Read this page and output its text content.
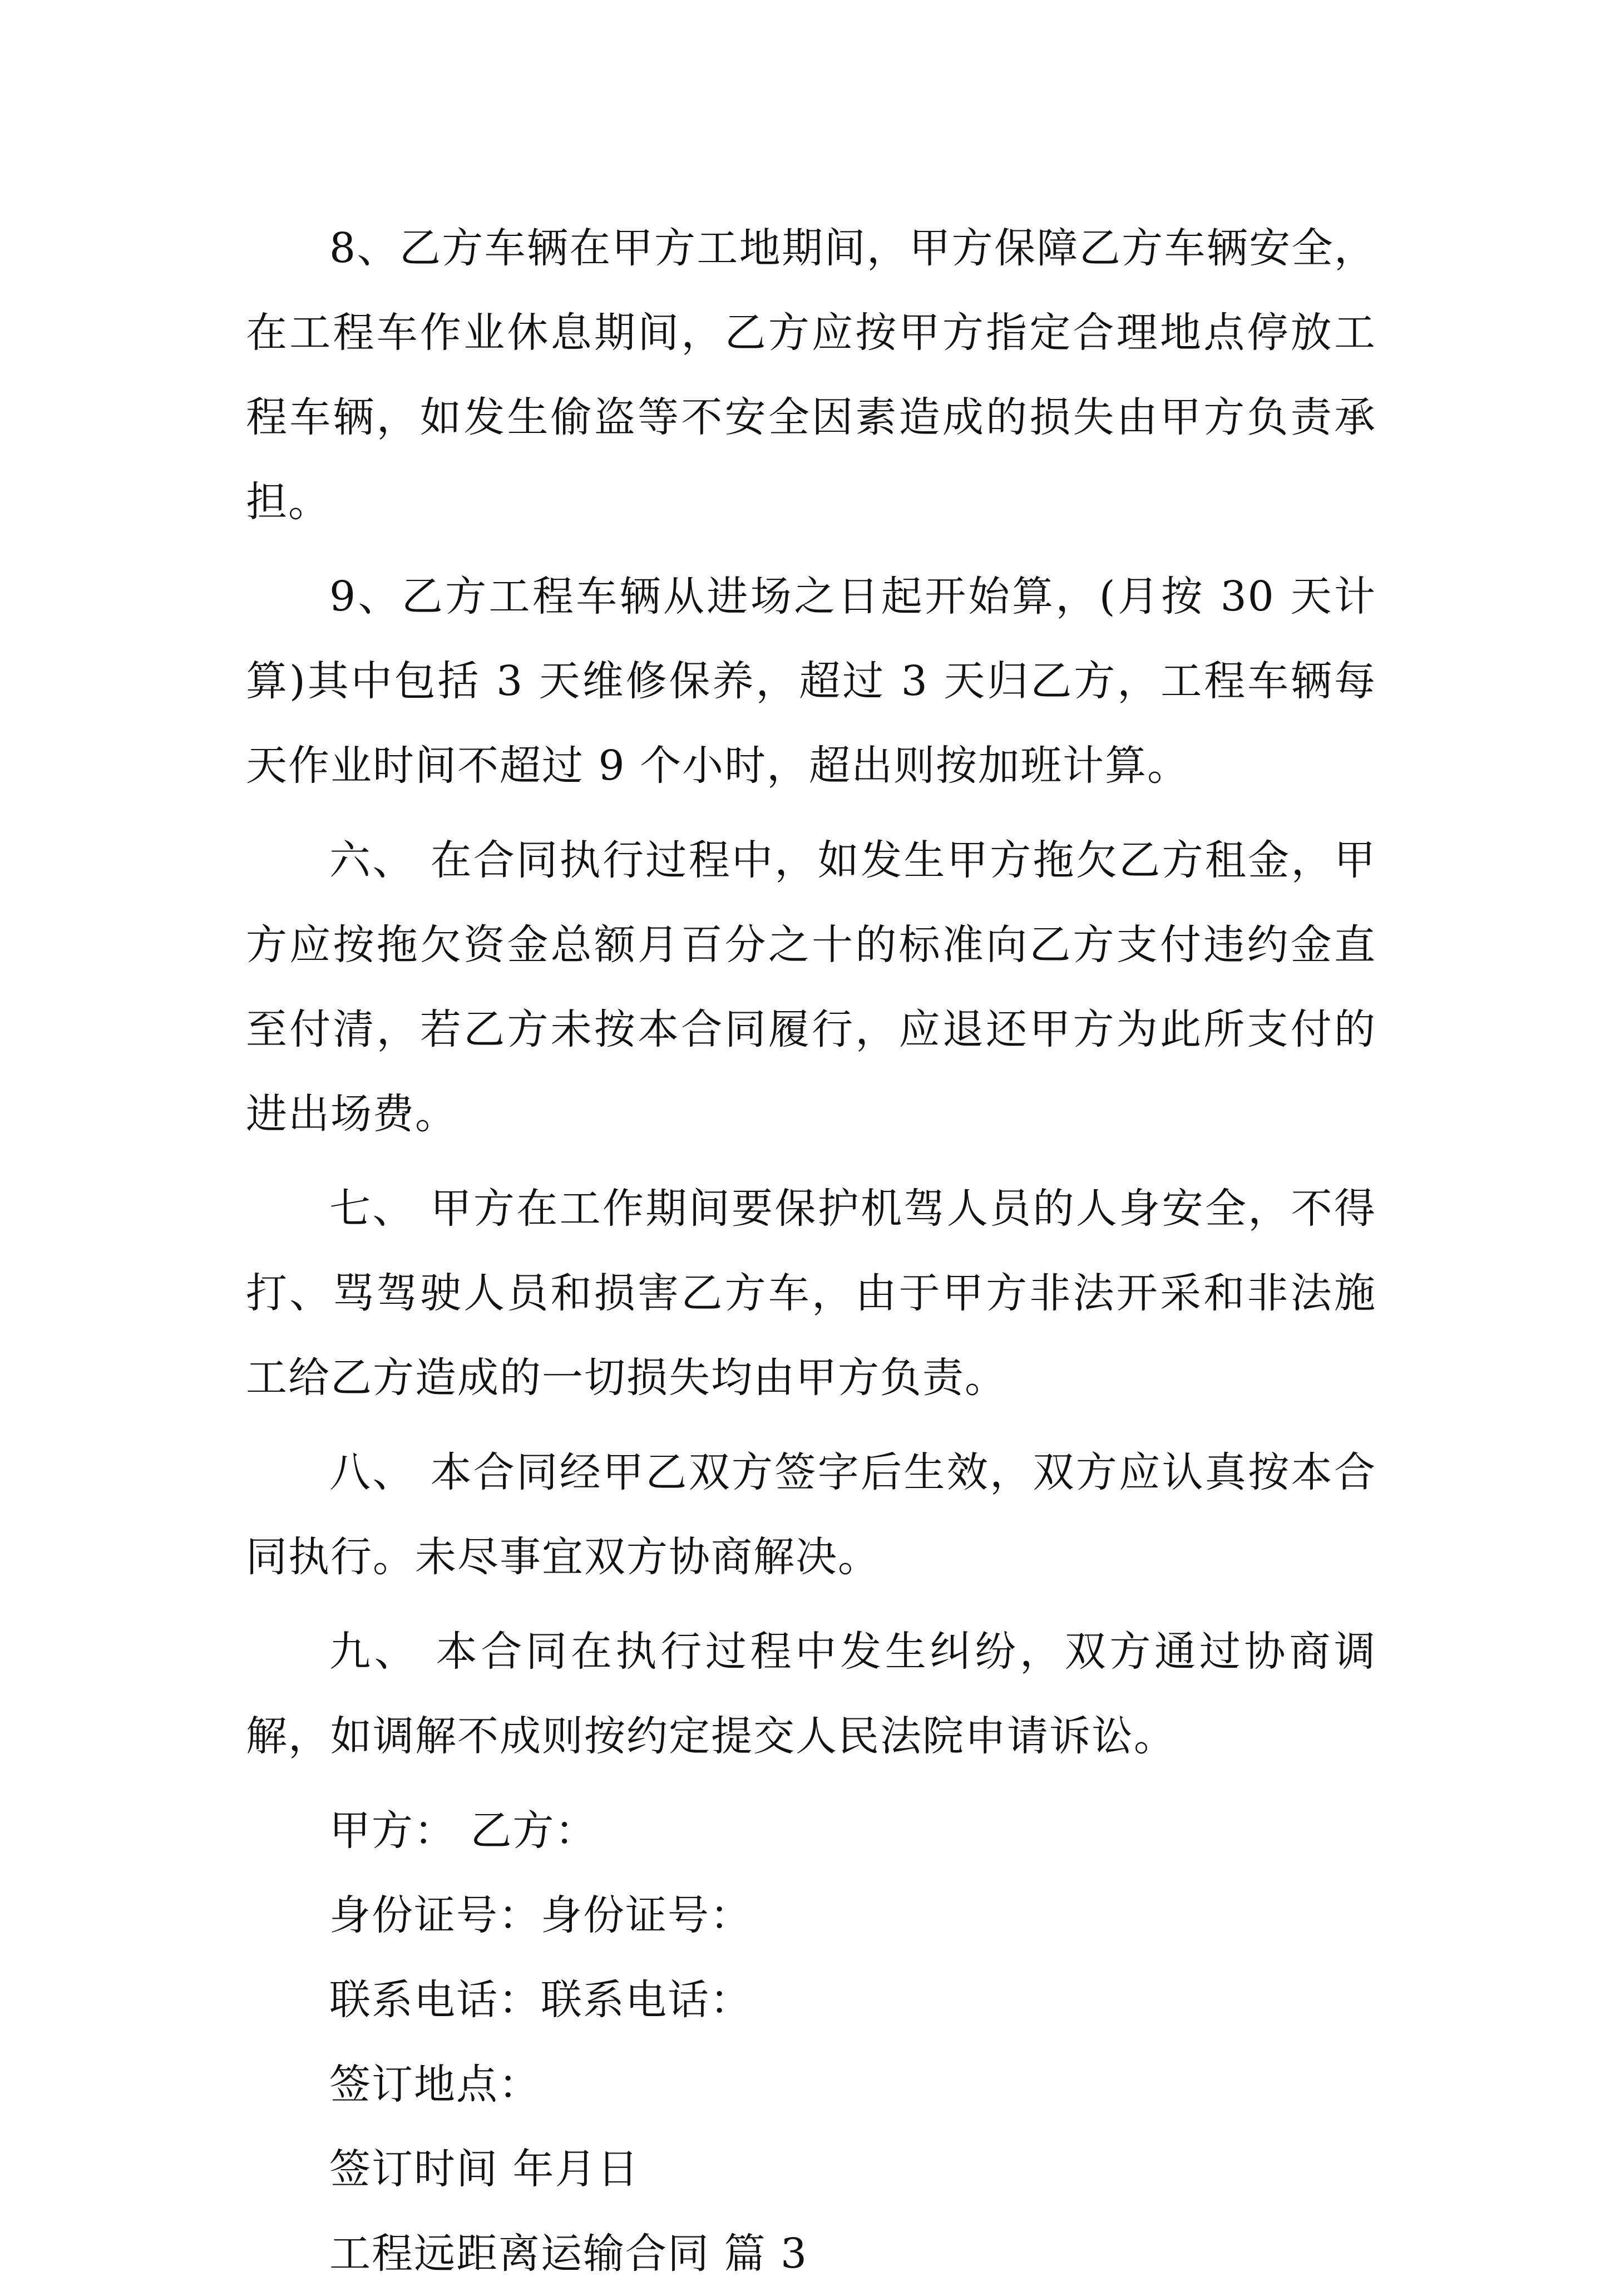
8、乙方车辆在甲方工地期间，甲方保障乙方车辆安全，在工程车作业休息期间，乙方应按甲方指定合理地点停放工程车辆，如发生偷盗等不安全因素造成的损失由甲方负责承担。

9、乙方工程车辆从进场之日起开始算，(月按 30 天计算)其中包括 3 天维修保养，超过 3 天归乙方，工程车辆每天作业时间不超过 9 个小时，超出则按加班计算。

六、 在合同执行过程中，如发生甲方拖欠乙方租金，甲方应按拖欠资金总额月百分之十的标准向乙方支付违约金直至付清，若乙方未按本合同履行，应退还甲方为此所支付的进出场费。

七、 甲方在工作期间要保护机驾人员的人身安全，不得打、骂驾驶人员和损害乙方车，由于甲方非法开采和非法施工给乙方造成的一切损失均由甲方负责。

八、 本合同经甲乙双方签字后生效，双方应认真按本合同执行。未尽事宜双方协商解决。

九、 本合同在执行过程中发生纠纷，双方通过协商调解，如调解不成则按约定提交人民法院申请诉讼。

甲方： 乙方：

身份证号：身份证号：

联系电话：联系电话：

签订地点：

签订时间 年月日

工程远距离运输合同 篇 3
